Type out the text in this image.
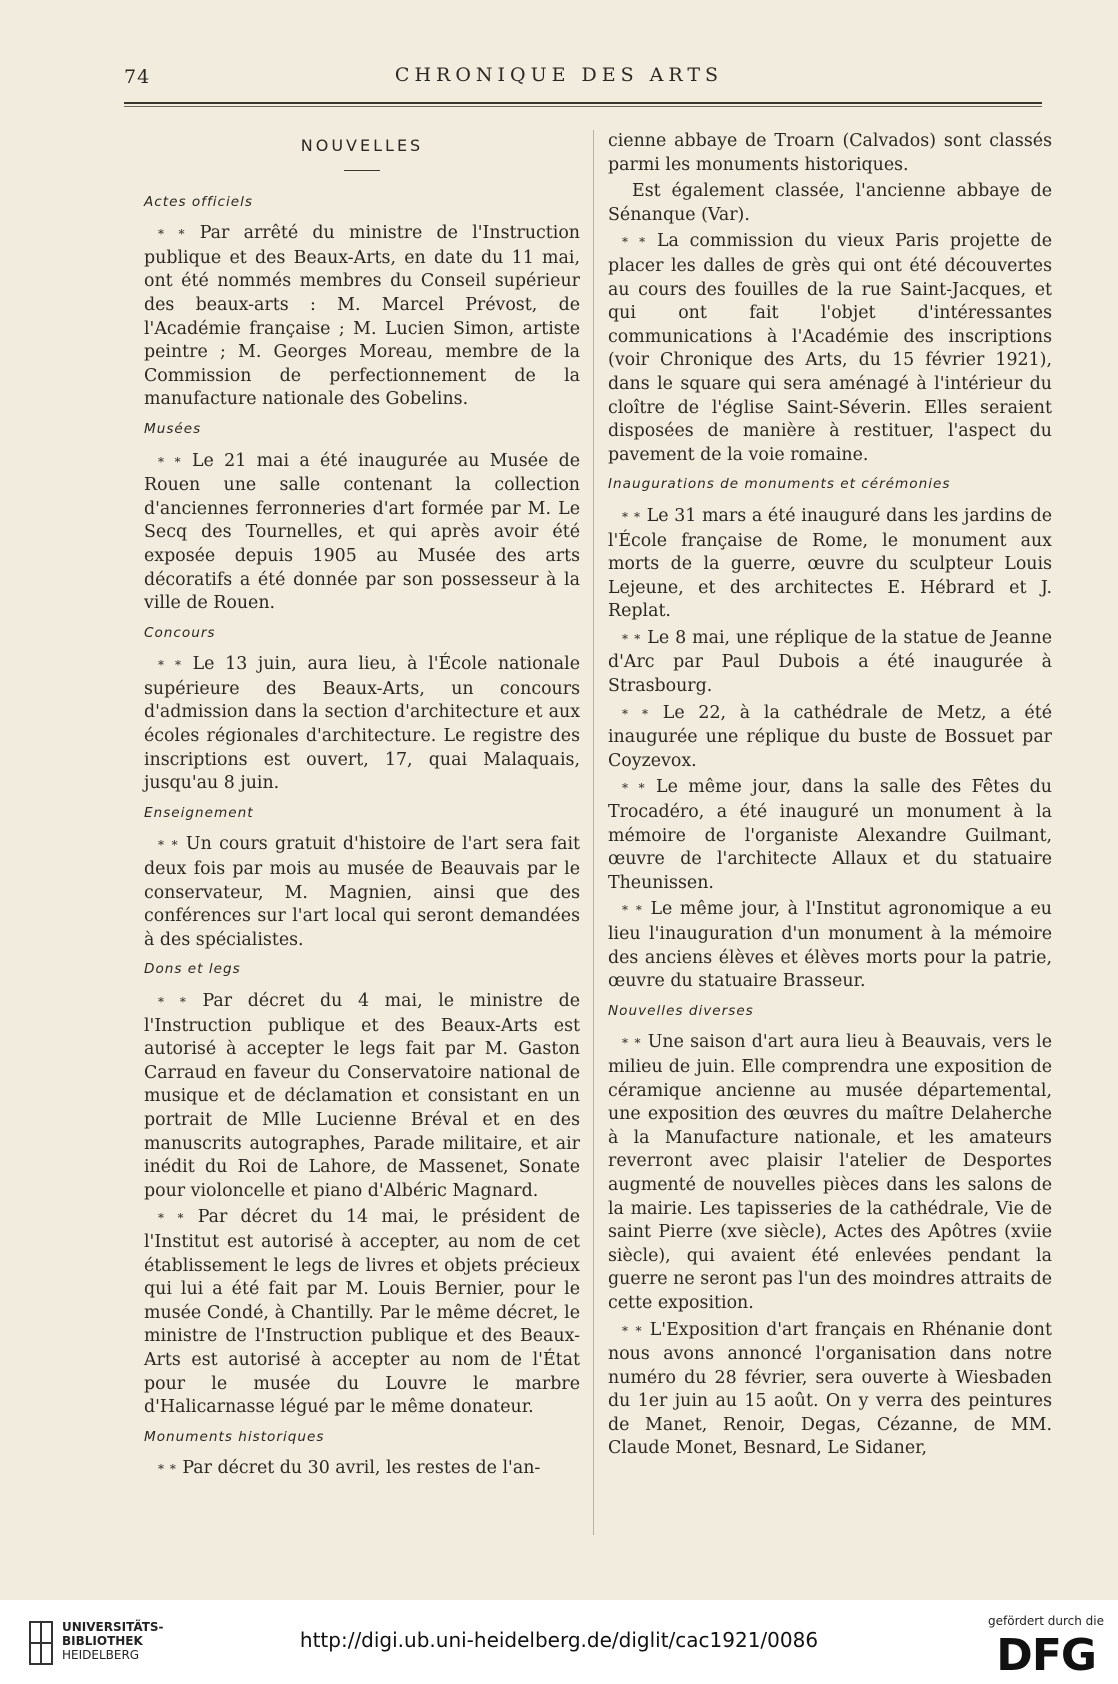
74	CHRONIQUE DES ARTS
NOUVELLES
Actes officiels

* * Par arrêté du ministre de l'Instruction publique et des Beaux-Arts, en date du 11 mai, ont été nommés membres du Conseil supérieur des beaux-arts : M. Marcel Prévost, de l'Académie française ; M. Lucien Simon, artiste peintre ; M. Georges Moreau, membre de la Commission de perfectionnement de la manufacture nationale des Gobelins.

Musées

* * Le 21 mai a été inaugurée au Musée de Rouen une salle contenant la collection d'anciennes ferronneries d'art formée par M. Le Secq des Tournelles, et qui après avoir été exposée depuis 1905 au Musée des arts décoratifs a été donnée par son possesseur à la ville de Rouen.

Concours

* * Le 13 juin, aura lieu, à l'École nationale supérieure des Beaux-Arts, un concours d'admission dans la section d'architecture et aux écoles régionales d'architecture. Le registre des inscriptions est ouvert, 17, quai Malaquais, jusqu'au 8 juin.

Enseignement

* * Un cours gratuit d'histoire de l'art sera fait deux fois par mois au musée de Beauvais par le conservateur, M. Magnien, ainsi que des conférences sur l'art local qui seront demandées à des spécialistes.

Dons et legs

* * Par décret du 4 mai, le ministre de l'Instruction publique et des Beaux-Arts est autorisé à accepter le legs fait par M. Gaston Carraud en faveur du Conservatoire national de musique et de déclamation et consistant en un portrait de Mlle Lucienne Bréval et en des manuscrits autographes, Parade militaire, et air inédit du Roi de Lahore, de Massenet, Sonate pour violoncelle et piano d'Albéric Magnard.

* * Par décret du 14 mai, le président de l'Institut est autorisé à accepter, au nom de cet établissement le legs de livres et objets précieux qui lui a été fait par M. Louis Bernier, pour le musée Condé, à Chantilly. Par le même décret, le ministre de l'Instruction publique et des Beaux-Arts est autorisé à accepter au nom de l'État pour le musée du Louvre le marbre d'Halicarnasse légué par le même donateur.

Monuments historiques

* * Par décret du 30 avril, les restes de l'an-

cienne abbaye de Troarn (Calvados) sont classés parmi les monuments historiques.

Est également classée, l'ancienne abbaye de Sénanque (Var).

* * La commission du vieux Paris projette de placer les dalles de grès qui ont été découvertes au cours des fouilles de la rue Saint-Jacques, et qui ont fait l'objet d'intéressantes communications à l'Académie des inscriptions (voir Chronique des Arts, du 15 février 1921), dans le square qui sera aménagé à l'intérieur du cloître de l'église Saint-Séverin. Elles seraient disposées de manière à restituer, l'aspect du pavement de la voie romaine.

Inaugurations de monuments et cérémonies

* * Le 31 mars a été inauguré dans les jardins de l'École française de Rome, le monument aux morts de la guerre, œuvre du sculpteur Louis Lejeune, et des architectes E. Hébrard et J. Replat.

* * Le 8 mai, une réplique de la statue de Jeanne d'Arc par Paul Dubois a été inaugurée à Strasbourg.

* * Le 22, à la cathédrale de Metz, a été inaugurée une réplique du buste de Bossuet par Coyzevox.

* * Le même jour, dans la salle des Fêtes du Trocadéro, a été inauguré un monument à la mémoire de l'organiste Alexandre Guilmant, œuvre de l'architecte Allaux et du statuaire Theunissen.

* * Le même jour, à l'Institut agronomique a eu lieu l'inauguration d'un monument à la mémoire des anciens élèves et élèves morts pour la patrie, œuvre du statuaire Brasseur.

Nouvelles diverses

* * Une saison d'art aura lieu à Beauvais, vers le milieu de juin. Elle comprendra une exposition de céramique ancienne au musée départemental, une exposition des œuvres du maître Delaherche à la Manufacture nationale, et les amateurs reverront avec plaisir l'atelier de Desportes augmenté de nouvelles pièces dans les salons de la mairie. Les tapisseries de la cathédrale, Vie de saint Pierre (xve siècle), Actes des Apôtres (xviie siècle), qui avaient été enlevées pendant la guerre ne seront pas l'un des moindres attraits de cette exposition.

* * L'Exposition d'art français en Rhénanie dont nous avons annoncé l'organisation dans notre numéro du 28 février, sera ouverte à Wiesbaden du 1er juin au 15 août. On y verra des peintures de Manet, Renoir, Degas, Cézanne, de MM. Claude Monet, Besnard, Le Sidaner,

UNIVERSITÄTS-
BIBLIOTHEK
HEIDELBERG
http://digi.ub.uni-heidelberg.de/diglit/cac1921/0086
gefördert durch die
DFG
